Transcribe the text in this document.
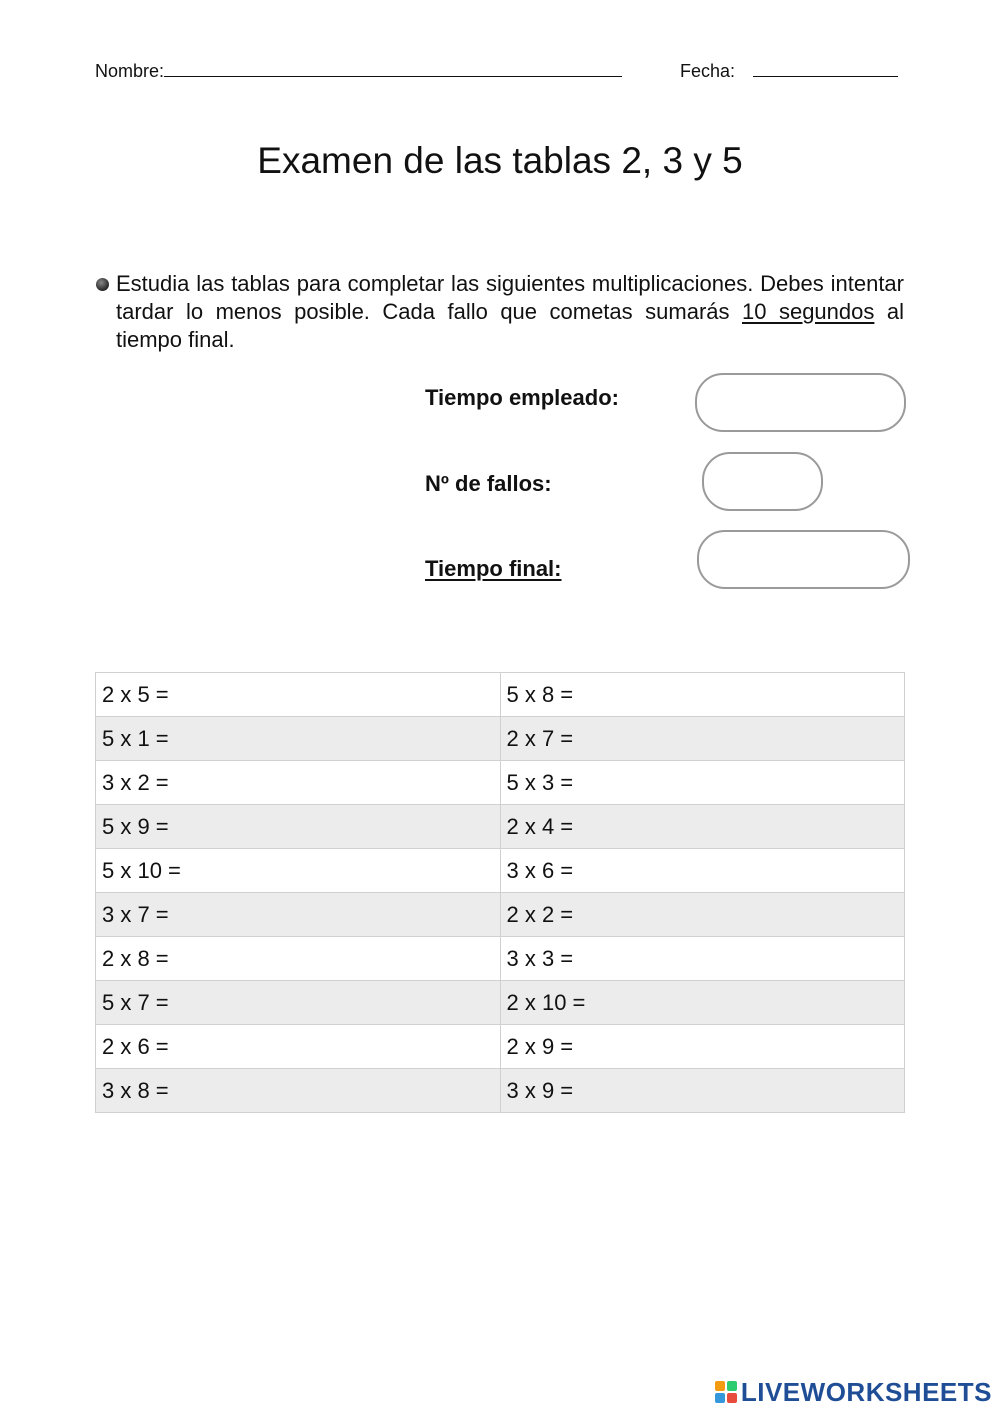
Nombre:	Fecha:
Examen de las tablas 2, 3 y 5

Estudia las tablas para completar las siguientes multiplicaciones. Debes intentar tardar lo menos posible. Cada fallo que cometas sumarás 10 segundos al tiempo final.

Tiempo empleado:
Nº de fallos:
Tiempo final:
2 x 5 =	5 x 8 =
5 x 1 =	2 x 7 =
3 x 2 =	5 x 3 =
5 x 9 =	2 x 4 =
5 x 10 =	3 x 6 =
3 x 7 =	2 x 2 =
2 x 8 =	3 x 3 =
5 x 7 =	2 x 10 =
2 x 6 =	2 x 9 =
3 x 8 =	3 x 9 =
LIVEWORKSHEETS
